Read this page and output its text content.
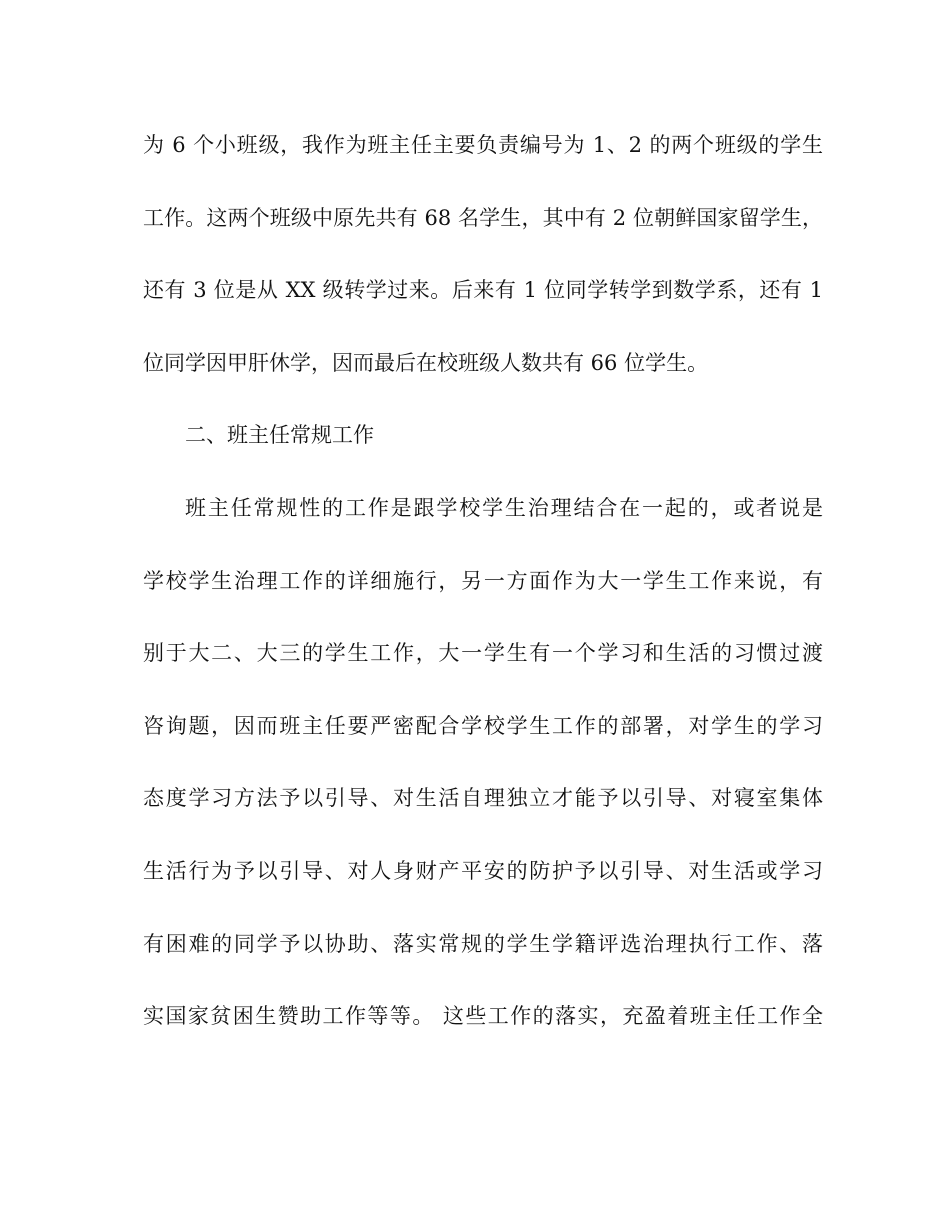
为 6 个小班级，我作为班主任主要负责编号为 1、2 的两个班级的学生
工作。这两个班级中原先共有 68 名学生，其中有 2 位朝鲜国家留学生，
还有 3 位是从 XX 级转学过来。后来有 1 位同学转学到数学系，还有 1
位同学因甲肝休学，因而最后在校班级人数共有 66 位学生。
二、班主任常规工作
班主任常规性的工作是跟学校学生治理结合在一起的，或者说是
学校学生治理工作的详细施行，另一方面作为大一学生工作来说，有
别于大二、大三的学生工作，大一学生有一个学习和生活的习惯过渡
咨询题，因而班主任要严密配合学校学生工作的部署，对学生的学习
态度学习方法予以引导、对生活自理独立才能予以引导、对寝室集体
生活行为予以引导、对人身财产平安的防护予以引导、对生活或学习
有困难的同学予以协助、落实常规的学生学籍评选治理执行工作、落
实国家贫困生赞助工作等等。 这些工作的落实，充盈着班主任工作全
